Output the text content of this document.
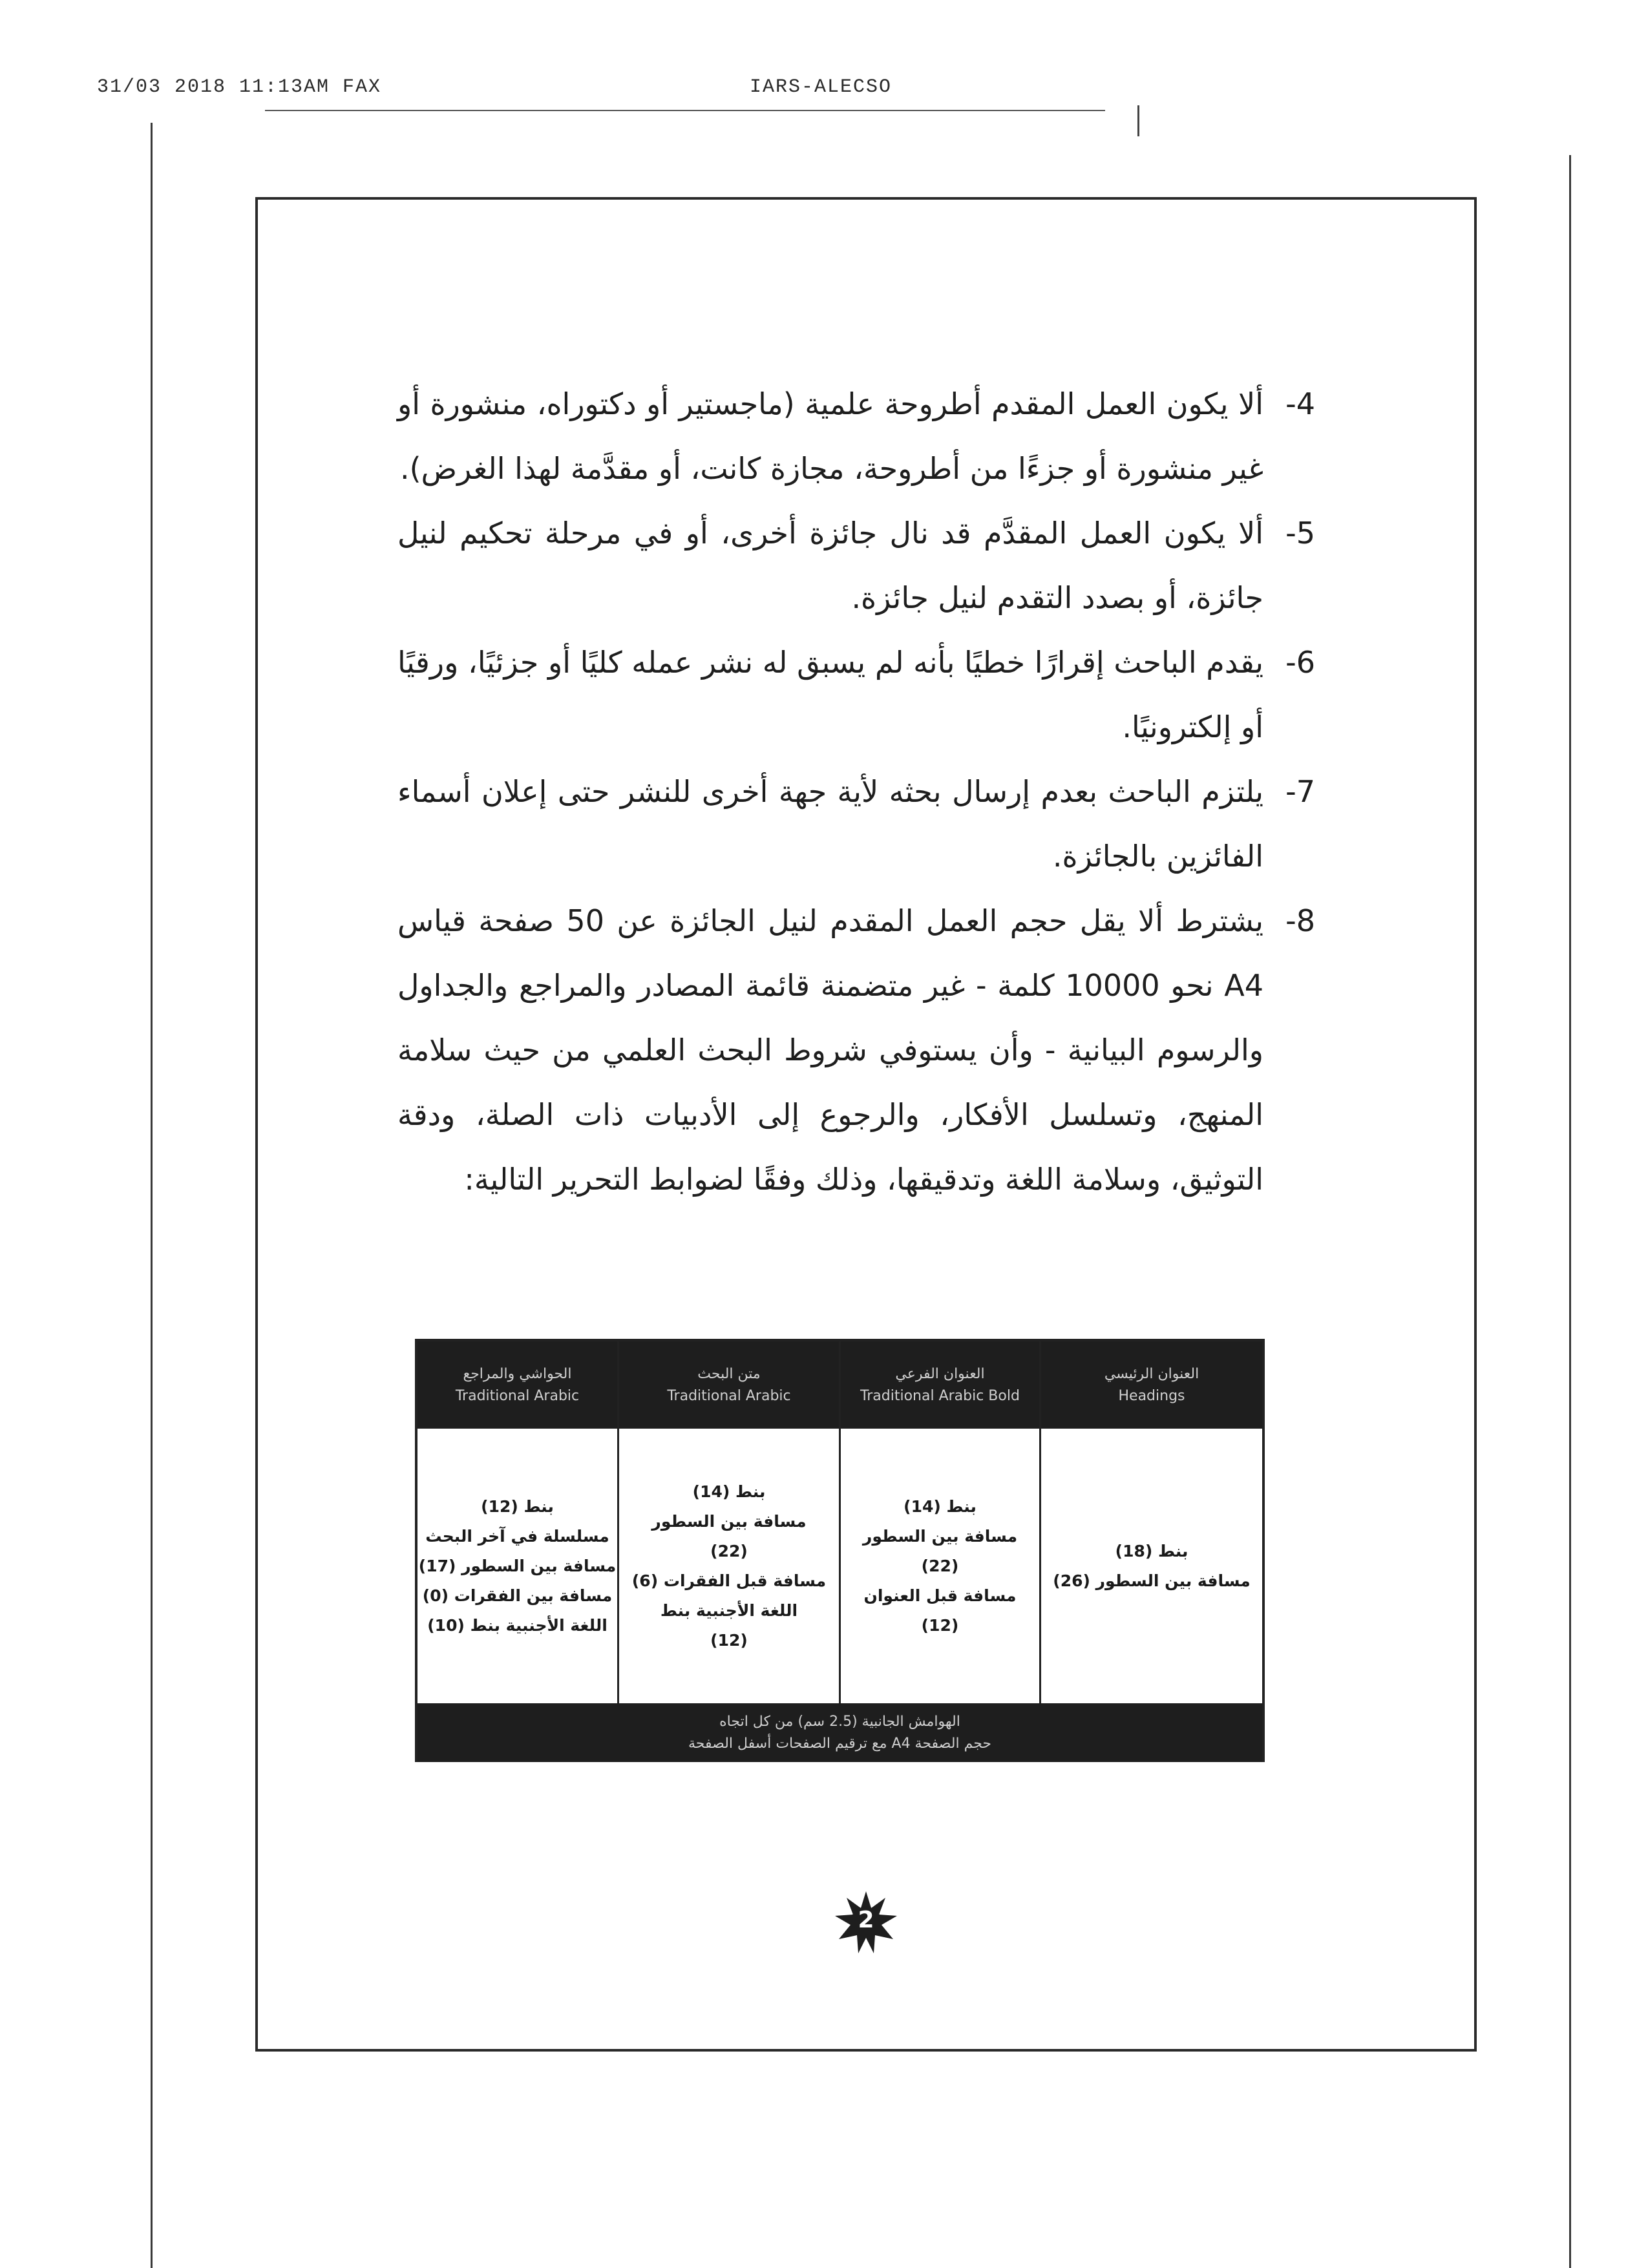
31/03 2018 11:13AM FAX	IARS-ALECSO
-4
ألا يكون العمل المقدم أطروحة علمية (ماجستير أو دكتوراه، منشورة أو غير منشورة أو جزءًا من أطروحة، مجازة كانت، أو مقدَّمة لهذا الغرض).
-5
ألا يكون العمل المقدَّم قد نال جائزة أخرى، أو في مرحلة تحكيم لنيل جائزة، أو بصدد التقدم لنيل جائزة.
-6
يقدم الباحث إقرارًا خطيًا بأنه لم يسبق له نشر عمله كليًا أو جزئيًا، ورقيًا أو إلكترونيًا.
-7
يلتزم الباحث بعدم إرسال بحثه لأية جهة أخرى للنشر حتى إعلان أسماء الفائزين بالجائزة.
-8
يشترط ألا يقل حجم العمل المقدم لنيل الجائزة عن 50 صفحة قياس A4 نحو 10000 كلمة - غير متضمنة قائمة المصادر والمراجع والجداول والرسوم البيانية - وأن يستوفي شروط البحث العلمي من حيث سلامة المنهج، وتسلسل الأفكار، والرجوع إلى الأدبيات ذات الصلة، ودقة التوثيق، وسلامة اللغة وتدقيقها، وذلك وفقًا لضوابط التحرير التالية:
العنوان الرئيسي
Headings
العنوان الفرعي
Traditional Arabic Bold
متن البحث
Traditional Arabic
الحواشي والمراجع
Traditional Arabic
بنط (18)
مسافة بين السطور (26)
بنط (14)
مسافة بين السطور
(22)
مسافة قبل العنوان
(12)
بنط (14)
مسافة بين السطور
(22)
مسافة قبل الفقرات (6)
اللغة الأجنبية بنط
(12)
بنط (12)
مسلسلة في آخر البحث
مسافة بين السطور (17)
مسافة بين الفقرات (0)
اللغة الأجنبية بنط (10)
الهوامش الجانبية (2.5 سم) من كل اتجاه
حجم الصفحة A4 مع ترقيم الصفحات أسفل الصفحة
2
